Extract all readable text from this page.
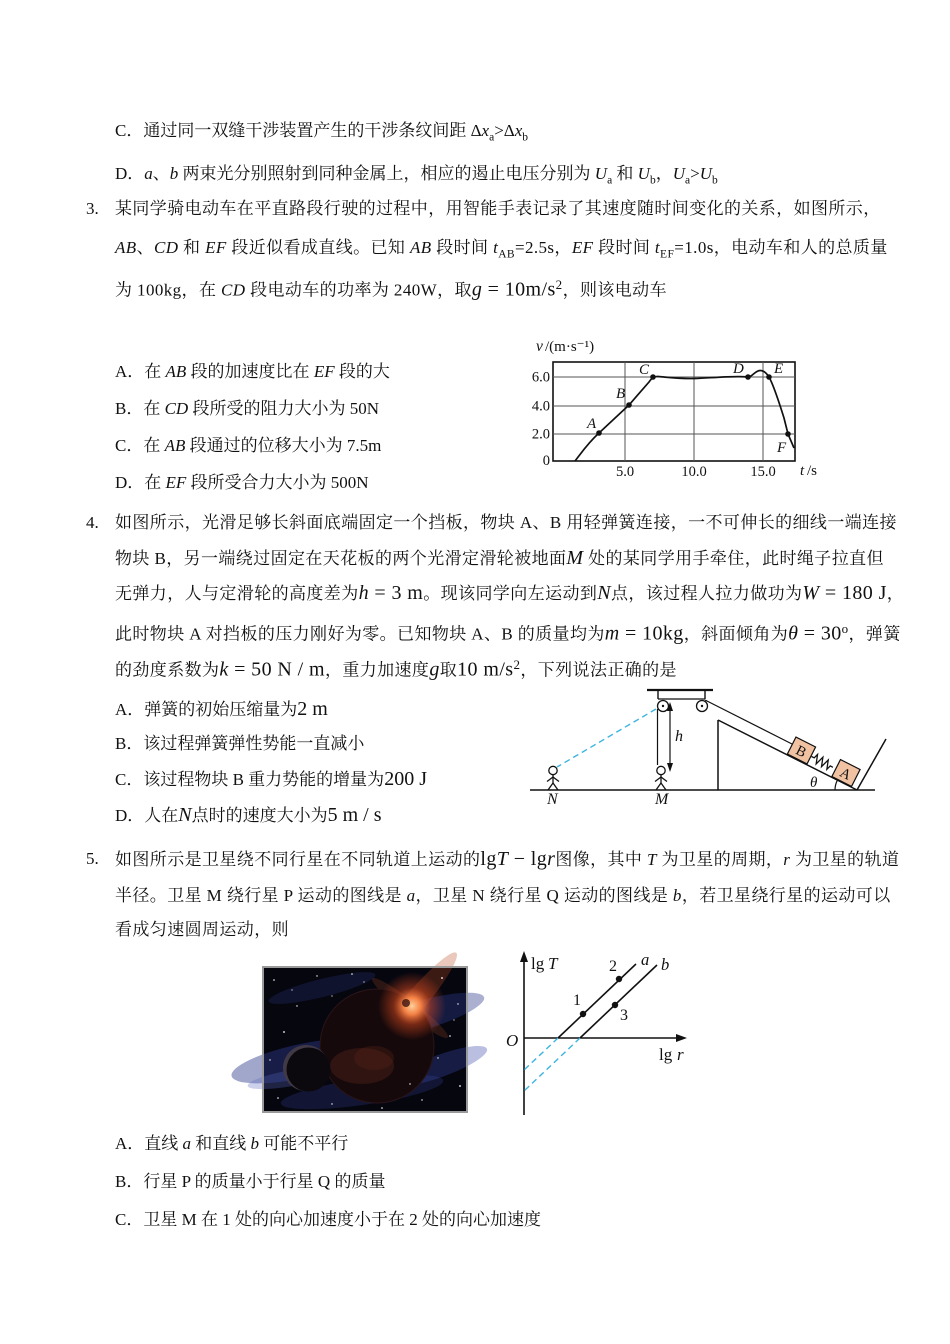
C．通过同一双缝干涉装置产生的干涉条纹间距 $\Delta x_a>\Delta x_b$
D．a、b 两束光分别照射到同种金属上，相应的遏止电压分别为 $U_a$ 和 $U_b$，$U_a>U_b$
3. 某同学骑电动车在平直路段行驶的过程中，用智能手表记录了其速度随时间变化的关系，如图所示，
AB、CD 和 EF 段近似看成直线。已知 AB 段时间 $t_{AB}=2.5s$，EF 段时间 $t_{EF}=1.0s$，电动车和人的总质量
为 100kg，在 CD 段电动车的功率为 240W，取$g = 10m/s^2$，则该电动车
A．在 AB 段的加速度比在 EF 段的大
B．在 CD 段所受的阻力大小为 50N
C．在 AB 段通过的位移大小为 7.5m
D．在 EF 段所受合力大小为 500N
v /(m·s⁻¹)
A
B
C	D E
F
6.0
4.0
2.0
0
5.0	10.0	15.0 t /s
4. 如图所示，光滑足够长斜面底端固定一个挡板，物块 A、B 用轻弹簧连接，一不可伸长的细线一端连接
物块 B，另一端绕过固定在天花板的两个光滑定滑轮被地面M 处的某同学用手牵住，此时绳子拉直但
无弹力，人与定滑轮的高度差为h = 3 m。现该同学向左运动到N点，该过程人拉力做功为W = 180 J，
此时物块 A 对挡板的压力刚好为零。已知物块 A、B 的质量均为m = 10kg，斜面倾角为$\theta = 30^o$，弹簧
的劲度系数为k = 50 N / m，重力加速度g取10 $m/s^2$，下列说法正确的是
A．弹簧的初始压缩量为2 m
B．该过程弹簧弹性势能一直减小
C．该过程物块 B 重力势能的增量为200 J
D．人在N点时的速度大小为5 m / s
h
N	M
B
A
θ
5. 如图所示是卫星绕不同行星在不同轨道上运动的lgT − lgr图像，其中 T 为卫星的周期，r 为卫星的轨道
半径。卫星 M 绕行星 P 运动的图线是 a，卫星 N 绕行星 Q 运动的图线是 b，若卫星绕行星的运动可以
看成匀速圆周运动，则
lg T
O
lg r
1
2
3
a b
A．直线 a 和直线 b 可能不平行
B．行星 P 的质量小于行星 Q 的质量
C．卫星 M 在 1 处的向心加速度小于在 2 处的向心加速度
